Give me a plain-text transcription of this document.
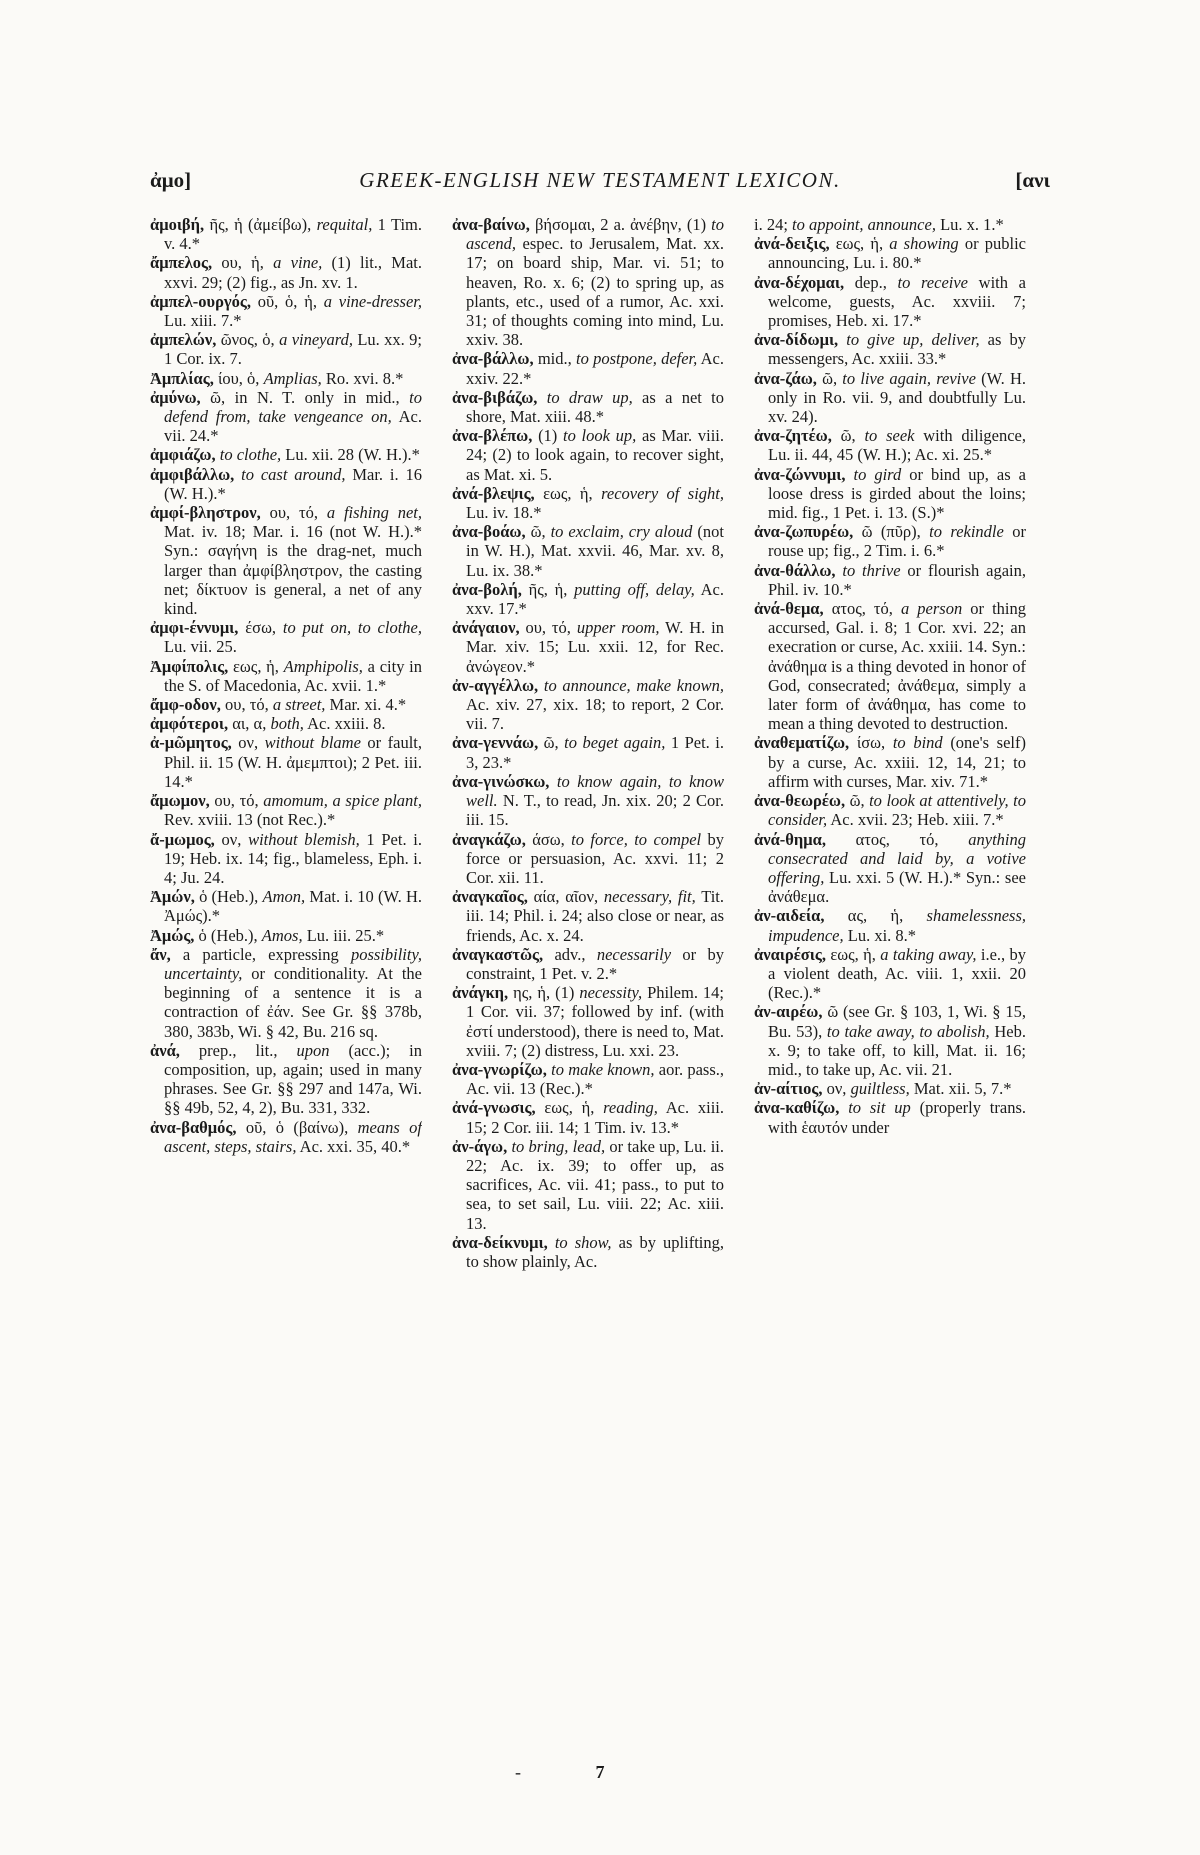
ἀμο]	GREEK-ENGLISH NEW TESTAMENT LEXICON.	[ανι

ἀμοιβή, ῆς, ἡ (ἀμείβω), requital, 1 Tim. v. 4.*

ἄμπελος, ου, ἡ, a vine, (1) lit., Mat. xxvi. 29; (2) fig., as Jn. xv. 1.

ἀμπελ-ουργός, οῦ, ὁ, ἡ, a vine-dresser, Lu. xiii. 7.*

ἀμπελών, ῶνος, ὁ, a vineyard, Lu. xx. 9; 1 Cor. ix. 7.

Ἀμπλίας, ίου, ὁ, Amplias, Ro. xvi. 8.*

ἀμύνω, ῶ, in N. T. only in mid., to defend from, take vengeance on, Ac. vii. 24.*

ἀμφιάζω, to clothe, Lu. xii. 28 (W. H.).*

ἀμφιβάλλω, to cast around, Mar. i. 16 (W. H.).*

ἀμφί-βληστρον, ου, τό, a fishing net, Mat. iv. 18; Mar. i. 16 (not W. H.).* Syn.: σαγήνη is the drag-net, much larger than ἀμφίβληστρον, the casting net; δίκτυον is general, a net of any kind.

ἀμφι-έννυμι, έσω, to put on, to clothe, Lu. vii. 25.

Ἀμφίπολις, εως, ἡ, Amphipolis, a city in the S. of Macedonia, Ac. xvii. 1.*

ἄμφ-οδον, ου, τό, a street, Mar. xi. 4.*

ἀμφότεροι, αι, α, both, Ac. xxiii. 8.

ἀ-μῶμητος, ον, without blame or fault, Phil. ii. 15 (W. H. ἀμεμπτοι); 2 Pet. iii. 14.*

ἄμωμον, ου, τό, amomum, a spice plant, Rev. xviii. 13 (not Rec.).*

ἄ-μωμος, ον, without blemish, 1 Pet. i. 19; Heb. ix. 14; fig., blameless, Eph. i. 4; Ju. 24.

Ἀμών, ὁ (Heb.), Amon, Mat. i. 10 (W. H. Ἀμώς).*

Ἀμώς, ὁ (Heb.), Amos, Lu. iii. 25.*

ἄν, a particle, expressing possibility, uncertainty, or conditionality. At the beginning of a sentence it is a contraction of ἐάν. See Gr. §§ 378b, 380, 383b, Wi. § 42, Bu. 216 sq.

ἀνά, prep., lit., upon (acc.); in composition, up, again; used in many phrases. See Gr. §§ 297 and 147a, Wi. §§ 49b, 52, 4, 2), Bu. 331, 332.

ἀνα-βαθμός, οῦ, ὁ (βαίνω), means of ascent, steps, stairs, Ac. xxi. 35, 40.*

ἀνα-βαίνω, βήσομαι, 2 a. ἀνέβην, (1) to ascend, espec. to Jerusalem, Mat. xx. 17; on board ship, Mar. vi. 51; to heaven, Ro. x. 6; (2) to spring up, as plants, etc., used of a rumor, Ac. xxi. 31; of thoughts coming into mind, Lu. xxiv. 38.

ἀνα-βάλλω, mid., to postpone, defer, Ac. xxiv. 22.*

ἀνα-βιβάζω, to draw up, as a net to shore, Mat. xiii. 48.*

ἀνα-βλέπω, (1) to look up, as Mar. viii. 24; (2) to look again, to recover sight, as Mat. xi. 5.

ἀνά-βλεψις, εως, ἡ, recovery of sight, Lu. iv. 18.*

ἀνα-βοάω, ῶ, to exclaim, cry aloud (not in W. H.), Mat. xxvii. 46, Mar. xv. 8, Lu. ix. 38.*

ἀνα-βολή, ῆς, ἡ, putting off, delay, Ac. xxv. 17.*

ἀνάγαιον, ου, τό, upper room, W. H. in Mar. xiv. 15; Lu. xxii. 12, for Rec. ἀνώγεον.*

ἀν-αγγέλλω, to announce, make known, Ac. xiv. 27, xix. 18; to report, 2 Cor. vii. 7.

ἀνα-γεννάω, ῶ, to beget again, 1 Pet. i. 3, 23.*

ἀνα-γινώσκω, to know again, to know well. N. T., to read, Jn. xix. 20; 2 Cor. iii. 15.

ἀναγκάζω, άσω, to force, to compel by force or persuasion, Ac. xxvi. 11; 2 Cor. xii. 11.

ἀναγκαῖος, αία, αῖον, necessary, fit, Tit. iii. 14; Phil. i. 24; also close or near, as friends, Ac. x. 24.

ἀναγκαστῶς, adv., necessarily or by constraint, 1 Pet. v. 2.*

ἀνάγκη, ης, ἡ, (1) necessity, Philem. 14; 1 Cor. vii. 37; followed by inf. (with ἐστί understood), there is need to, Mat. xviii. 7; (2) distress, Lu. xxi. 23.

ἀνα-γνωρίζω, to make known, aor. pass., Ac. vii. 13 (Rec.).*

ἀνά-γνωσις, εως, ἡ, reading, Ac. xiii. 15; 2 Cor. iii. 14; 1 Tim. iv. 13.*

ἀν-άγω, to bring, lead, or take up, Lu. ii. 22; Ac. ix. 39; to offer up, as sacrifices, Ac. vii. 41; pass., to put to sea, to set sail, Lu. viii. 22; Ac. xiii. 13.

ἀνα-δείκνυμι, to show, as by uplifting, to show plainly, Ac.

i. 24; to appoint, announce, Lu. x. 1.*

ἀνά-δειξις, εως, ἡ, a showing or public announcing, Lu. i. 80.*

ἀνα-δέχομαι, dep., to receive with a welcome, guests, Ac. xxviii. 7; promises, Heb. xi. 17.*

ἀνα-δίδωμι, to give up, deliver, as by messengers, Ac. xxiii. 33.*

ἀνα-ζάω, ῶ, to live again, revive (W. H. only in Ro. vii. 9, and doubtfully Lu. xv. 24).

ἀνα-ζητέω, ῶ, to seek with diligence, Lu. ii. 44, 45 (W. H.); Ac. xi. 25.*

ἀνα-ζώννυμι, to gird or bind up, as a loose dress is girded about the loins; mid. fig., 1 Pet. i. 13. (S.)*

ἀνα-ζωπυρέω, ῶ (πῦρ), to rekindle or rouse up; fig., 2 Tim. i. 6.*

ἀνα-θάλλω, to thrive or flourish again, Phil. iv. 10.*

ἀνά-θεμα, ατος, τό, a person or thing accursed, Gal. i. 8; 1 Cor. xvi. 22; an execration or curse, Ac. xxiii. 14. Syn.: ἀνάθημα is a thing devoted in honor of God, consecrated; ἀνάθεμα, simply a later form of ἀνάθημα, has come to mean a thing devoted to destruction.

ἀναθεματίζω, ίσω, to bind (one's self) by a curse, Ac. xxiii. 12, 14, 21; to affirm with curses, Mar. xiv. 71.*

ἀνα-θεωρέω, ῶ, to look at attentively, to consider, Ac. xvii. 23; Heb. xiii. 7.*

ἀνά-θημα, ατος, τό, anything consecrated and laid by, a votive offering, Lu. xxi. 5 (W. H.).* Syn.: see ἀνάθεμα.

ἀν-αιδεία, ας, ἡ, shamelessness, impudence, Lu. xi. 8.*

ἀναιρέσις, εως, ἡ, a taking away, i.e., by a violent death, Ac. viii. 1, xxii. 20 (Rec.).*

ἀν-αιρέω, ῶ (see Gr. § 103, 1, Wi. § 15, Bu. 53), to take away, to abolish, Heb. x. 9; to take off, to kill, Mat. ii. 16; mid., to take up, Ac. vii. 21.

ἀν-αίτιος, ον, guiltless, Mat. xii. 5, 7.*

ἀνα-καθίζω, to sit up (properly trans. with ἑαυτόν under

-	7
